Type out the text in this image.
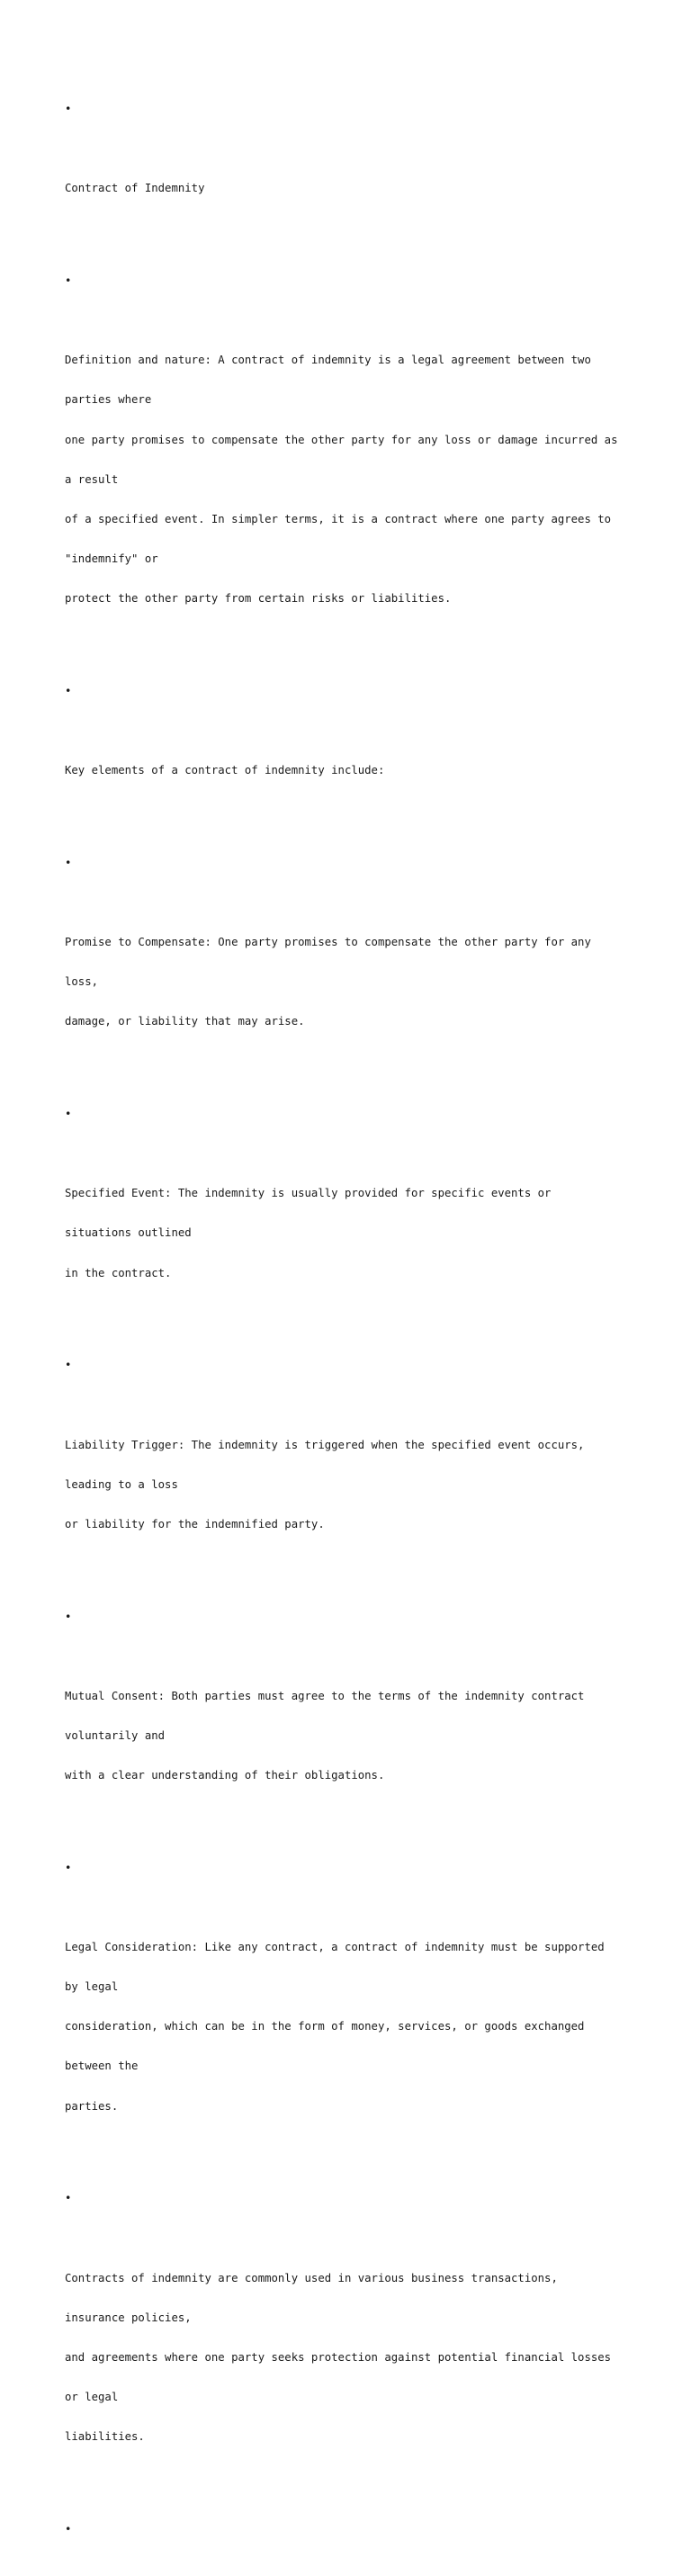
•

Contract of Indemnity

•

Definition and nature: A contract of indemnity is a legal agreement between two

parties where

one party promises to compensate the other party for any loss or damage incurred as

a result

of a specified event. In simpler terms, it is a contract where one party agrees to

"indemnify" or

protect the other party from certain risks or liabilities.

•

Key elements of a contract of indemnity include:

•

Promise to Compensate: One party promises to compensate the other party for any

loss,

damage, or liability that may arise.

•

Specified Event: The indemnity is usually provided for specific events or

situations outlined

in the contract.

•

Liability Trigger: The indemnity is triggered when the specified event occurs,

leading to a loss

or liability for the indemnified party.

•

Mutual Consent: Both parties must agree to the terms of the indemnity contract

voluntarily and

with a clear understanding of their obligations.

•

Legal Consideration: Like any contract, a contract of indemnity must be supported

by legal

consideration, which can be in the form of money, services, or goods exchanged

between the

parties.

•

Contracts of indemnity are commonly used in various business transactions,

insurance policies,

and agreements where one party seeks protection against potential financial losses

or legal

liabilities.

•
